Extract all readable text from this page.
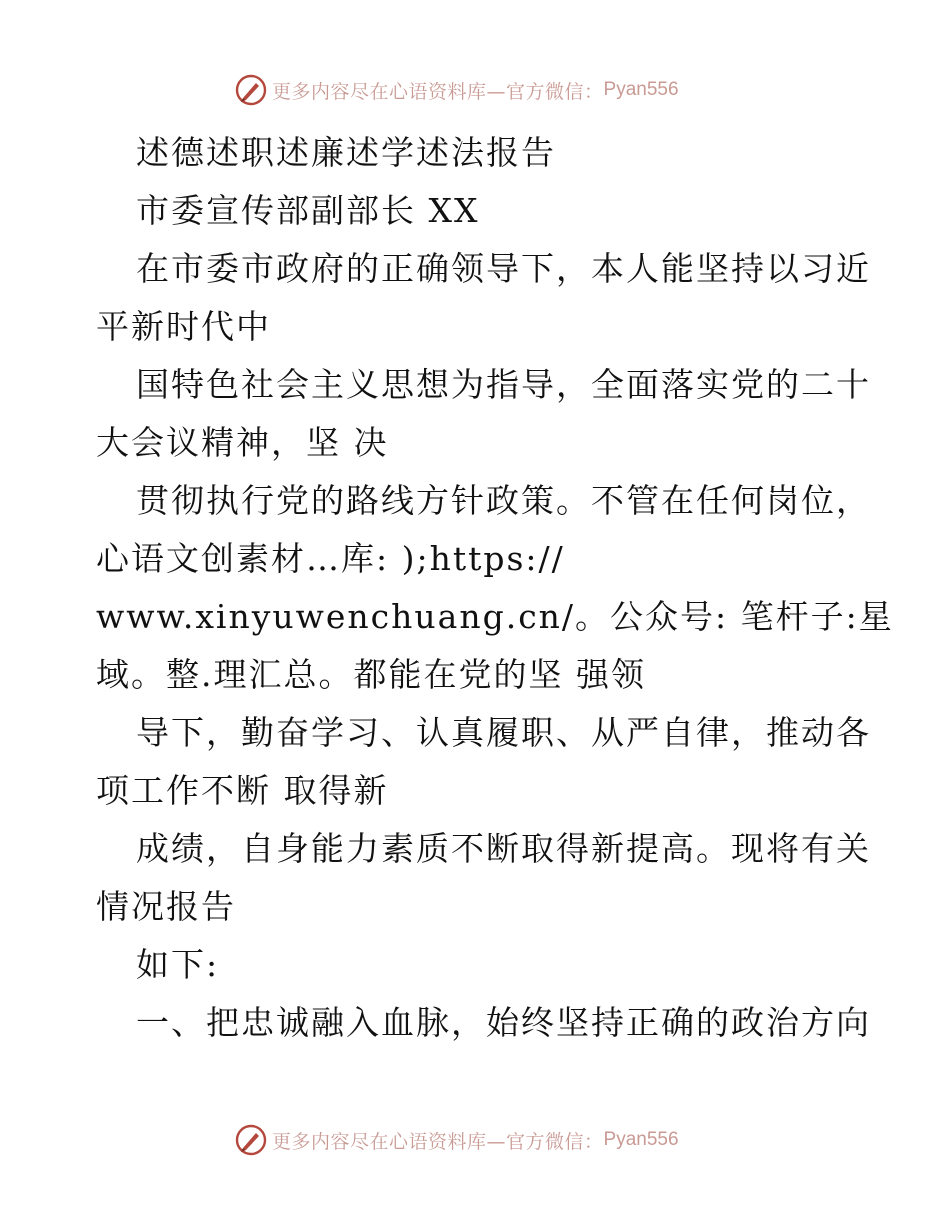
更多内容尽在心语资料库—官方微信： Pyan556
述德述职述廉述学述法报告
市委宣传部副部长 XX
在市委市政府的正确领导下，本人能坚持以习近
平新时代中
国特色社会主义思想为指导，全面落实党的二十
大会议精神，坚 决
贯彻执行党的路线方针政策。不管在任何岗位，
心语文创素材…库: );https://
www.xinyuwenchuang.cn/。公众号: 笔杆子:星
域。整.理汇总。都能在党的坚 强领
导下，勤奋学习、认真履职、从严自律，推动各
项工作不断 取得新
成绩，自身能力素质不断取得新提高。现将有关
情况报告
如下:
一、把忠诚融入血脉，始终坚持正确的政治方向
更多内容尽在心语资料库—官方微信： Pyan556
